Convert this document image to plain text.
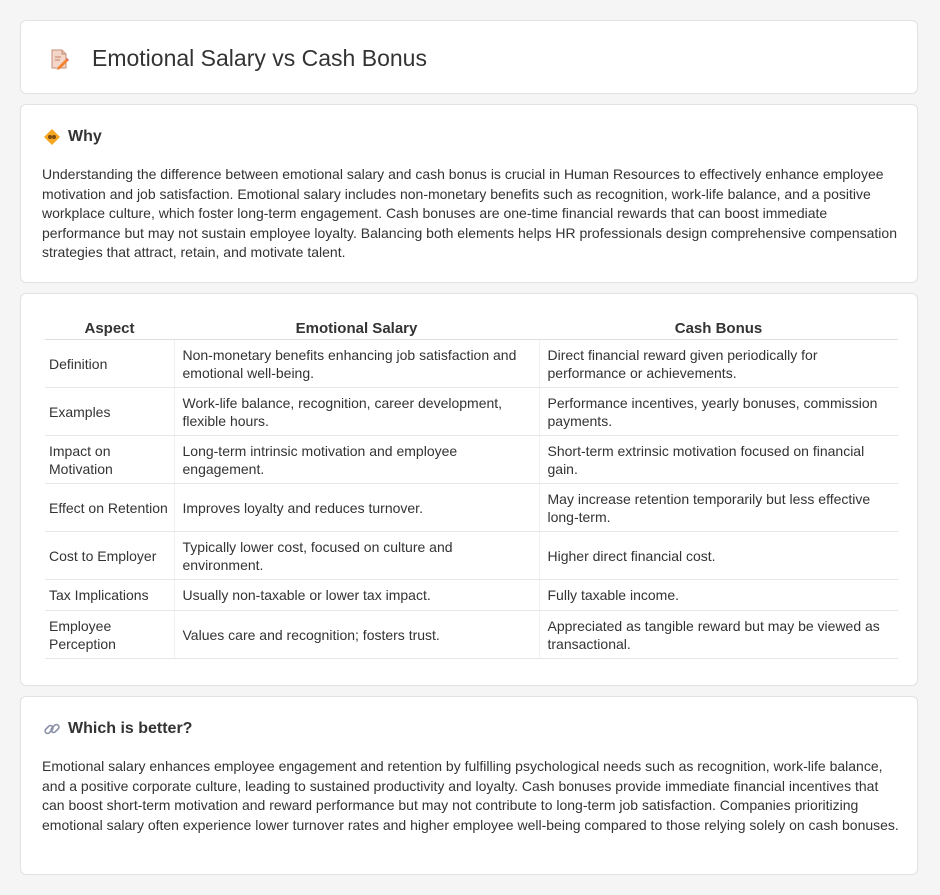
Emotional Salary vs Cash Bonus
Why

Understanding the difference between emotional salary and cash bonus is crucial in Human Resources to effectively enhance employee motivation and job satisfaction. Emotional salary includes non-monetary benefits such as recognition, work-life balance, and a positive workplace culture, which foster long-term engagement. Cash bonuses are one-time financial rewards that can boost immediate performance but may not sustain employee loyalty. Balancing both elements helps HR professionals design comprehensive compensation strategies that attract, retain, and motivate talent.

Aspect	Emotional Salary	Cash Bonus
Definition	Non-monetary benefits enhancing job satisfaction and emotional well-being.	Direct financial reward given periodically for performance or achievements.
Examples	Work-life balance, recognition, career development, flexible hours.	Performance incentives, yearly bonuses, commission payments.
Impact on Motivation	Long-term intrinsic motivation and employee engagement.	Short-term extrinsic motivation focused on financial gain.
Effect on Retention	Improves loyalty and reduces turnover.	May increase retention temporarily but less effective long-term.
Cost to Employer	Typically lower cost, focused on culture and environment.	Higher direct financial cost.
Tax Implications	Usually non-taxable or lower tax impact.	Fully taxable income.
Employee Perception	Values care and recognition; fosters trust.	Appreciated as tangible reward but may be viewed as transactional.
Which is better?

Emotional salary enhances employee engagement and retention by fulfilling psychological needs such as recognition, work-life balance, and a positive corporate culture, leading to sustained productivity and loyalty. Cash bonuses provide immediate financial incentives that can boost short-term motivation and reward performance but may not contribute to long-term job satisfaction. Companies prioritizing emotional salary often experience lower turnover rates and higher employee well-being compared to those relying solely on cash bonuses.
